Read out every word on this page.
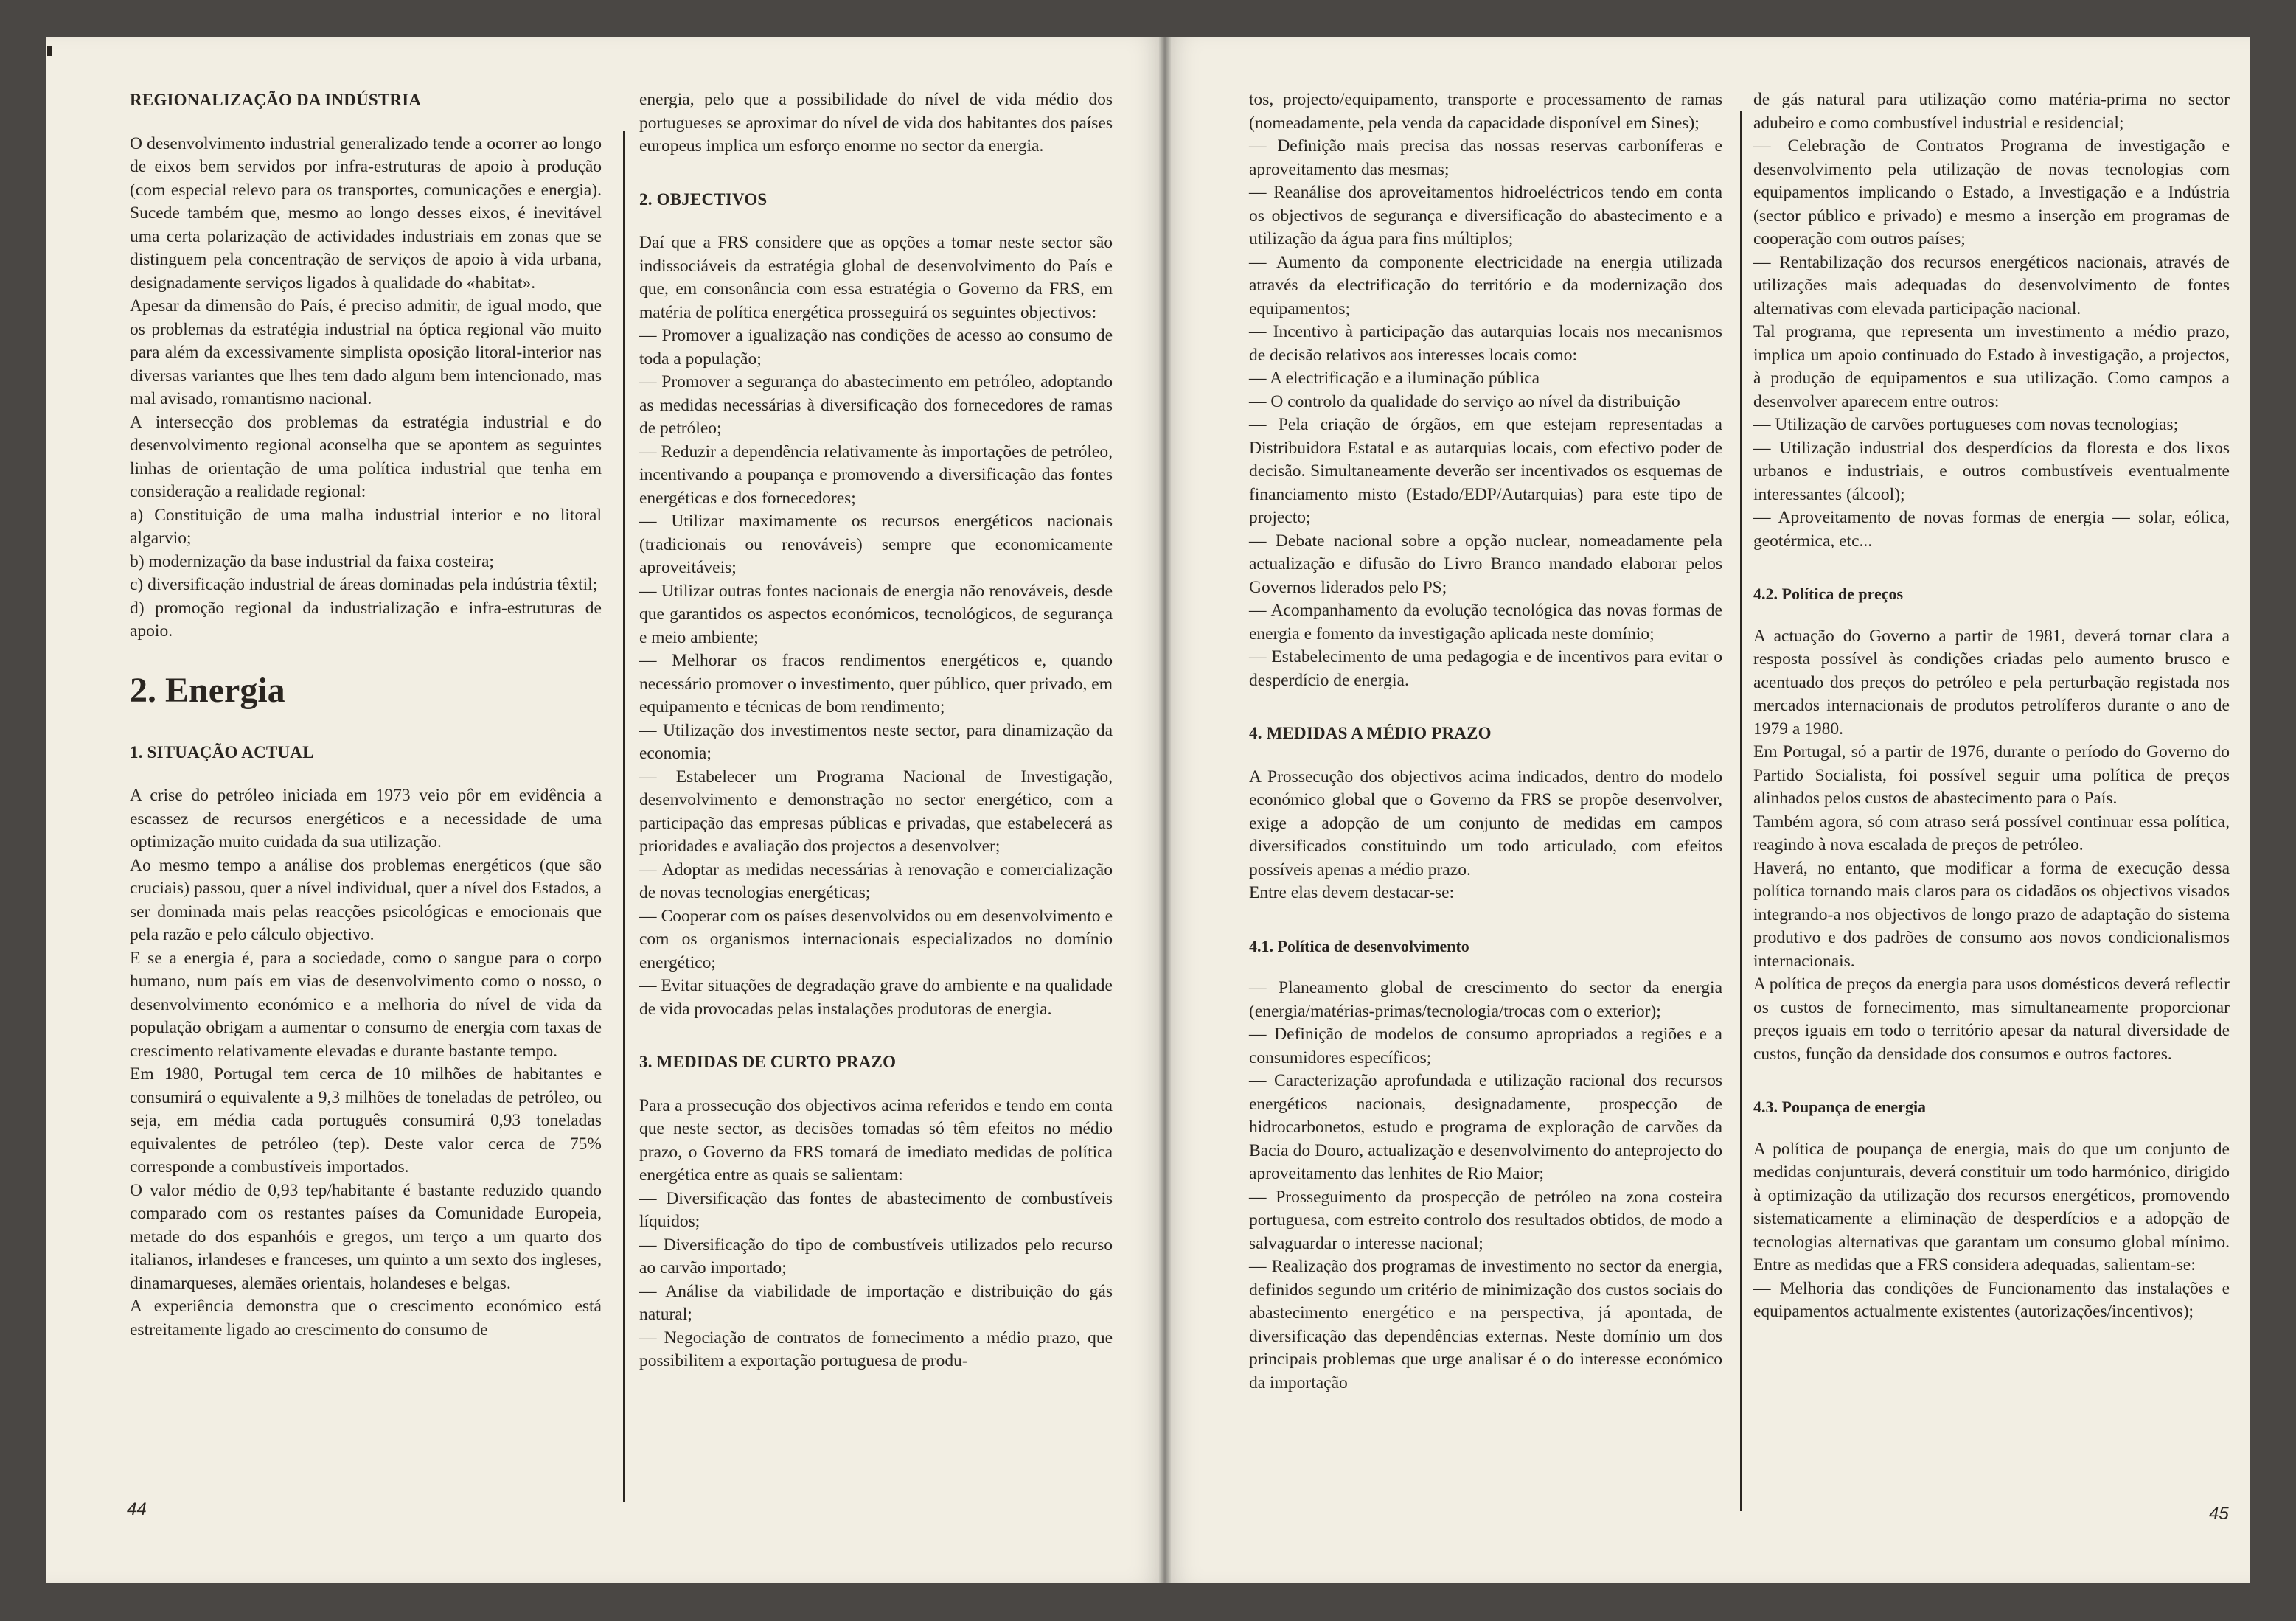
REGIONALIZAÇÃO DA INDÚSTRIA

O desenvolvimento industrial generalizado tende a ocorrer ao longo de eixos bem servidos por infra-estruturas de apoio à produção (com especial relevo para os transportes, comunicações e energia). Sucede também que, mesmo ao longo desses eixos, é inevitável uma certa polarização de actividades industriais em zonas que se distinguem pela concentração de serviços de apoio à vida urbana, designadamente serviços ligados à qualidade do «habitat».

Apesar da dimensão do País, é preciso admitir, de igual modo, que os problemas da estratégia industrial na óptica regional vão muito para além da excessivamente simplista oposição litoral-interior nas diversas variantes que lhes tem dado algum bem intencionado, mas mal avisado, romantismo nacional.

A intersecção dos problemas da estratégia industrial e do desenvolvimento regional aconselha que se apontem as seguintes linhas de orientação de uma política industrial que tenha em consideração a realidade regional:

a) Constituição de uma malha industrial interior e no litoral algarvio;

b) modernização da base industrial da faixa costeira;

c) diversificação industrial de áreas dominadas pela indústria têxtil;

d) promoção regional da industrialização e infra-estruturas de apoio.

2. Energia
1. SITUAÇÃO ACTUAL

A crise do petróleo iniciada em 1973 veio pôr em evidência a escassez de recursos energéticos e a necessidade de uma optimização muito cuidada da sua utilização.

Ao mesmo tempo a análise dos problemas energéticos (que são cruciais) passou, quer a nível individual, quer a nível dos Estados, a ser dominada mais pelas reacções psicológicas e emocionais que pela razão e pelo cálculo objectivo.

E se a energia é, para a sociedade, como o sangue para o corpo humano, num país em vias de desenvolvimento como o nosso, o desenvolvimento económico e a melhoria do nível de vida da população obrigam a aumentar o consumo de energia com taxas de crescimento relativamente elevadas e durante bastante tempo.

Em 1980, Portugal tem cerca de 10 milhões de habitantes e consumirá o equivalente a 9,3 milhões de toneladas de petróleo, ou seja, em média cada português consumirá 0,93 toneladas equivalentes de petróleo (tep). Deste valor cerca de 75% corresponde a combustíveis importados.

O valor médio de 0,93 tep/habitante é bastante reduzido quando comparado com os restantes países da Comunidade Europeia, metade do dos espanhóis e gregos, um terço a um quarto dos italianos, irlandeses e franceses, um quinto a um sexto dos ingleses, dinamarqueses, alemães orientais, holandeses e belgas.

A experiência demonstra que o crescimento económico está estreitamente ligado ao crescimento do consumo de

energia, pelo que a possibilidade do nível de vida médio dos portugueses se aproximar do nível de vida dos habitantes dos países europeus implica um esforço enorme no sector da energia.

2. OBJECTIVOS

Daí que a FRS considere que as opções a tomar neste sector são indissociáveis da estratégia global de desenvolvimento do País e que, em consonância com essa estratégia o Governo da FRS, em matéria de política energética prosseguirá os seguintes objectivos:

— Promover a igualização nas condições de acesso ao consumo de toda a população;

— Promover a segurança do abastecimento em petróleo, adoptando as medidas necessárias à diversificação dos fornecedores de ramas de petróleo;

— Reduzir a dependência relativamente às importações de petróleo, incentivando a poupança e promovendo a diversificação das fontes energéticas e dos fornecedores;

— Utilizar maximamente os recursos energéticos nacionais (tradicionais ou renováveis) sempre que economicamente aproveitáveis;

— Utilizar outras fontes nacionais de energia não renováveis, desde que garantidos os aspectos económicos, tecnológicos, de segurança e meio ambiente;

— Melhorar os fracos rendimentos energéticos e, quando necessário promover o investimento, quer público, quer privado, em equipamento e técnicas de bom rendimento;

— Utilização dos investimentos neste sector, para dinamização da economia;

— Estabelecer um Programa Nacional de Investigação, desenvolvimento e demonstração no sector energético, com a participação das empresas públicas e privadas, que estabelecerá as prioridades e avaliação dos projectos a desenvolver;

— Adoptar as medidas necessárias à renovação e comercialização de novas tecnologias energéticas;

— Cooperar com os países desenvolvidos ou em desenvolvimento e com os organismos internacionais especializados no domínio energético;

— Evitar situações de degradação grave do ambiente e na qualidade de vida provocadas pelas instalações produtoras de energia.

3. MEDIDAS DE CURTO PRAZO

Para a prossecução dos objectivos acima referidos e tendo em conta que neste sector, as decisões tomadas só têm efeitos no médio prazo, o Governo da FRS tomará de imediato medidas de política energética entre as quais se salientam:

— Diversificação das fontes de abastecimento de combustíveis líquidos;

— Diversificação do tipo de combustíveis utilizados pelo recurso ao carvão importado;

— Análise da viabilidade de importação e distribuição do gás natural;

— Negociação de contratos de fornecimento a médio prazo, que possibilitem a exportação portuguesa de produ-

tos, projecto/equipamento, transporte e processamento de ramas (nomeadamente, pela venda da capacidade disponível em Sines);

— Definição mais precisa das nossas reservas carboníferas e aproveitamento das mesmas;

— Reanálise dos aproveitamentos hidroeléctricos tendo em conta os objectivos de segurança e diversificação do abastecimento e a utilização da água para fins múltiplos;

— Aumento da componente electricidade na energia utilizada através da electrificação do território e da modernização dos equipamentos;

— Incentivo à participação das autarquias locais nos mecanismos de decisão relativos aos interesses locais como:

— A electrificação e a iluminação pública

— O controlo da qualidade do serviço ao nível da distribuição

— Pela criação de órgãos, em que estejam representadas a Distribuidora Estatal e as autarquias locais, com efectivo poder de decisão. Simultaneamente deverão ser incentivados os esquemas de financiamento misto (Estado/EDP/Autarquias) para este tipo de projecto;

— Debate nacional sobre a opção nuclear, nomeadamente pela actualização e difusão do Livro Branco mandado elaborar pelos Governos liderados pelo PS;

— Acompanhamento da evolução tecnológica das novas formas de energia e fomento da investigação aplicada neste domínio;

— Estabelecimento de uma pedagogia e de incentivos para evitar o desperdício de energia.

4. MEDIDAS A MÉDIO PRAZO

A Prossecução dos objectivos acima indicados, dentro do modelo económico global que o Governo da FRS se propõe desenvolver, exige a adopção de um conjunto de medidas em campos diversificados constituindo um todo articulado, com efeitos possíveis apenas a médio prazo.

Entre elas devem destacar-se:

4.1. Política de desenvolvimento

— Planeamento global de crescimento do sector da energia (energia/matérias-primas/tecnologia/trocas com o exterior);

— Definição de modelos de consumo apropriados a regiões e a consumidores específicos;

— Caracterização aprofundada e utilização racional dos recursos energéticos nacionais, designadamente, prospecção de hidrocarbonetos, estudo e programa de exploração de carvões da Bacia do Douro, actualização e desenvolvimento do anteprojecto do aproveitamento das lenhites de Rio Maior;

— Prosseguimento da prospecção de petróleo na zona costeira portuguesa, com estreito controlo dos resultados obtidos, de modo a salvaguardar o interesse nacional;

— Realização dos programas de investimento no sector da energia, definidos segundo um critério de minimização dos custos sociais do abastecimento energético e na perspectiva, já apontada, de diversificação das dependências externas. Neste domínio um dos principais problemas que urge analisar é o do interesse económico da importação

de gás natural para utilização como matéria-prima no sector adubeiro e como combustível industrial e residencial;

— Celebração de Contratos Programa de investigação e desenvolvimento pela utilização de novas tecnologias com equipamentos implicando o Estado, a Investigação e a Indústria (sector público e privado) e mesmo a inserção em programas de cooperação com outros países;

— Rentabilização dos recursos energéticos nacionais, através de utilizações mais adequadas do desenvolvimento de fontes alternativas com elevada participação nacional.

Tal programa, que representa um investimento a médio prazo, implica um apoio continuado do Estado à investigação, a projectos, à produção de equipamentos e sua utilização. Como campos a desenvolver aparecem entre outros:

— Utilização de carvões portugueses com novas tecnologias;

— Utilização industrial dos desperdícios da floresta e dos lixos urbanos e industriais, e outros combustíveis eventualmente interessantes (álcool);

— Aproveitamento de novas formas de energia — solar, eólica, geotérmica, etc...

4.2. Política de preços

A actuação do Governo a partir de 1981, deverá tornar clara a resposta possível às condições criadas pelo aumento brusco e acentuado dos preços do petróleo e pela perturbação registada nos mercados internacionais de produtos petrolíferos durante o ano de 1979 a 1980.

Em Portugal, só a partir de 1976, durante o período do Governo do Partido Socialista, foi possível seguir uma política de preços alinhados pelos custos de abastecimento para o País.

Também agora, só com atraso será possível continuar essa política, reagindo à nova escalada de preços de petróleo.

Haverá, no entanto, que modificar a forma de execução dessa política tornando mais claros para os cidadãos os objectivos visados integrando-a nos objectivos de longo prazo de adaptação do sistema produtivo e dos padrões de consumo aos novos condicionalismos internacionais.

A política de preços da energia para usos domésticos deverá reflectir os custos de fornecimento, mas simultaneamente proporcionar preços iguais em todo o território apesar da natural diversidade de custos, função da densidade dos consumos e outros factores.

4.3. Poupança de energia

A política de poupança de energia, mais do que um conjunto de medidas conjunturais, deverá constituir um todo harmónico, dirigido à optimização da utilização dos recursos energéticos, promovendo sistematicamente a eliminação de desperdícios e a adopção de tecnologias alternativas que garantam um consumo global mínimo. Entre as medidas que a FRS considera adequadas, salientam-se:

— Melhoria das condições de Funcionamento das instalações e equipamentos actualmente existentes (autorizações/incentivos);

44	45
